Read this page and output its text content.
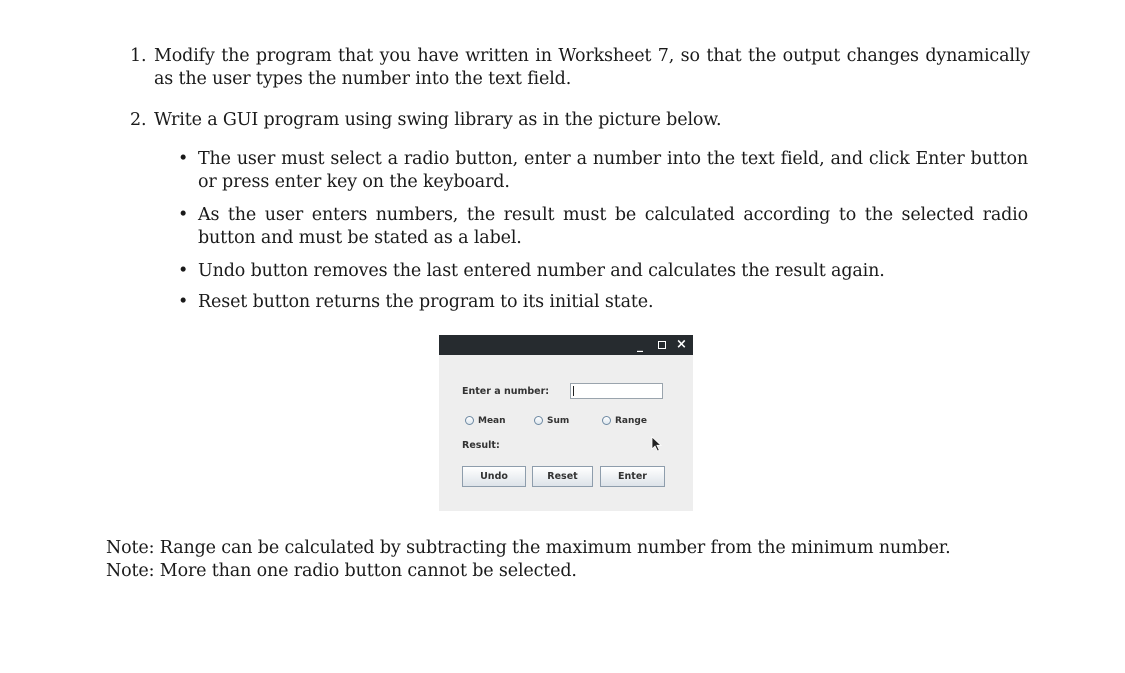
1. Modify the program that you have written in Worksheet 7, so that the output changes dynamically as the user types the number into the text field.
2. Write a GUI program using swing library as in the picture below.
• The user must select a radio button, enter a number into the text field, and click Enter button or press enter key on the keyboard.
• As the user enters numbers, the result must be calculated according to the selected radio button and must be stated as a label.
• Undo button removes the last entered number and calculates the result again.
• Reset button returns the program to its initial state.
_	×
Enter a number:
Mean	Sum	Range
Result:
Undo	Reset	Enter
Note: Range can be calculated by subtracting the maximum number from the minimum number.
Note: More than one radio button cannot be selected.
